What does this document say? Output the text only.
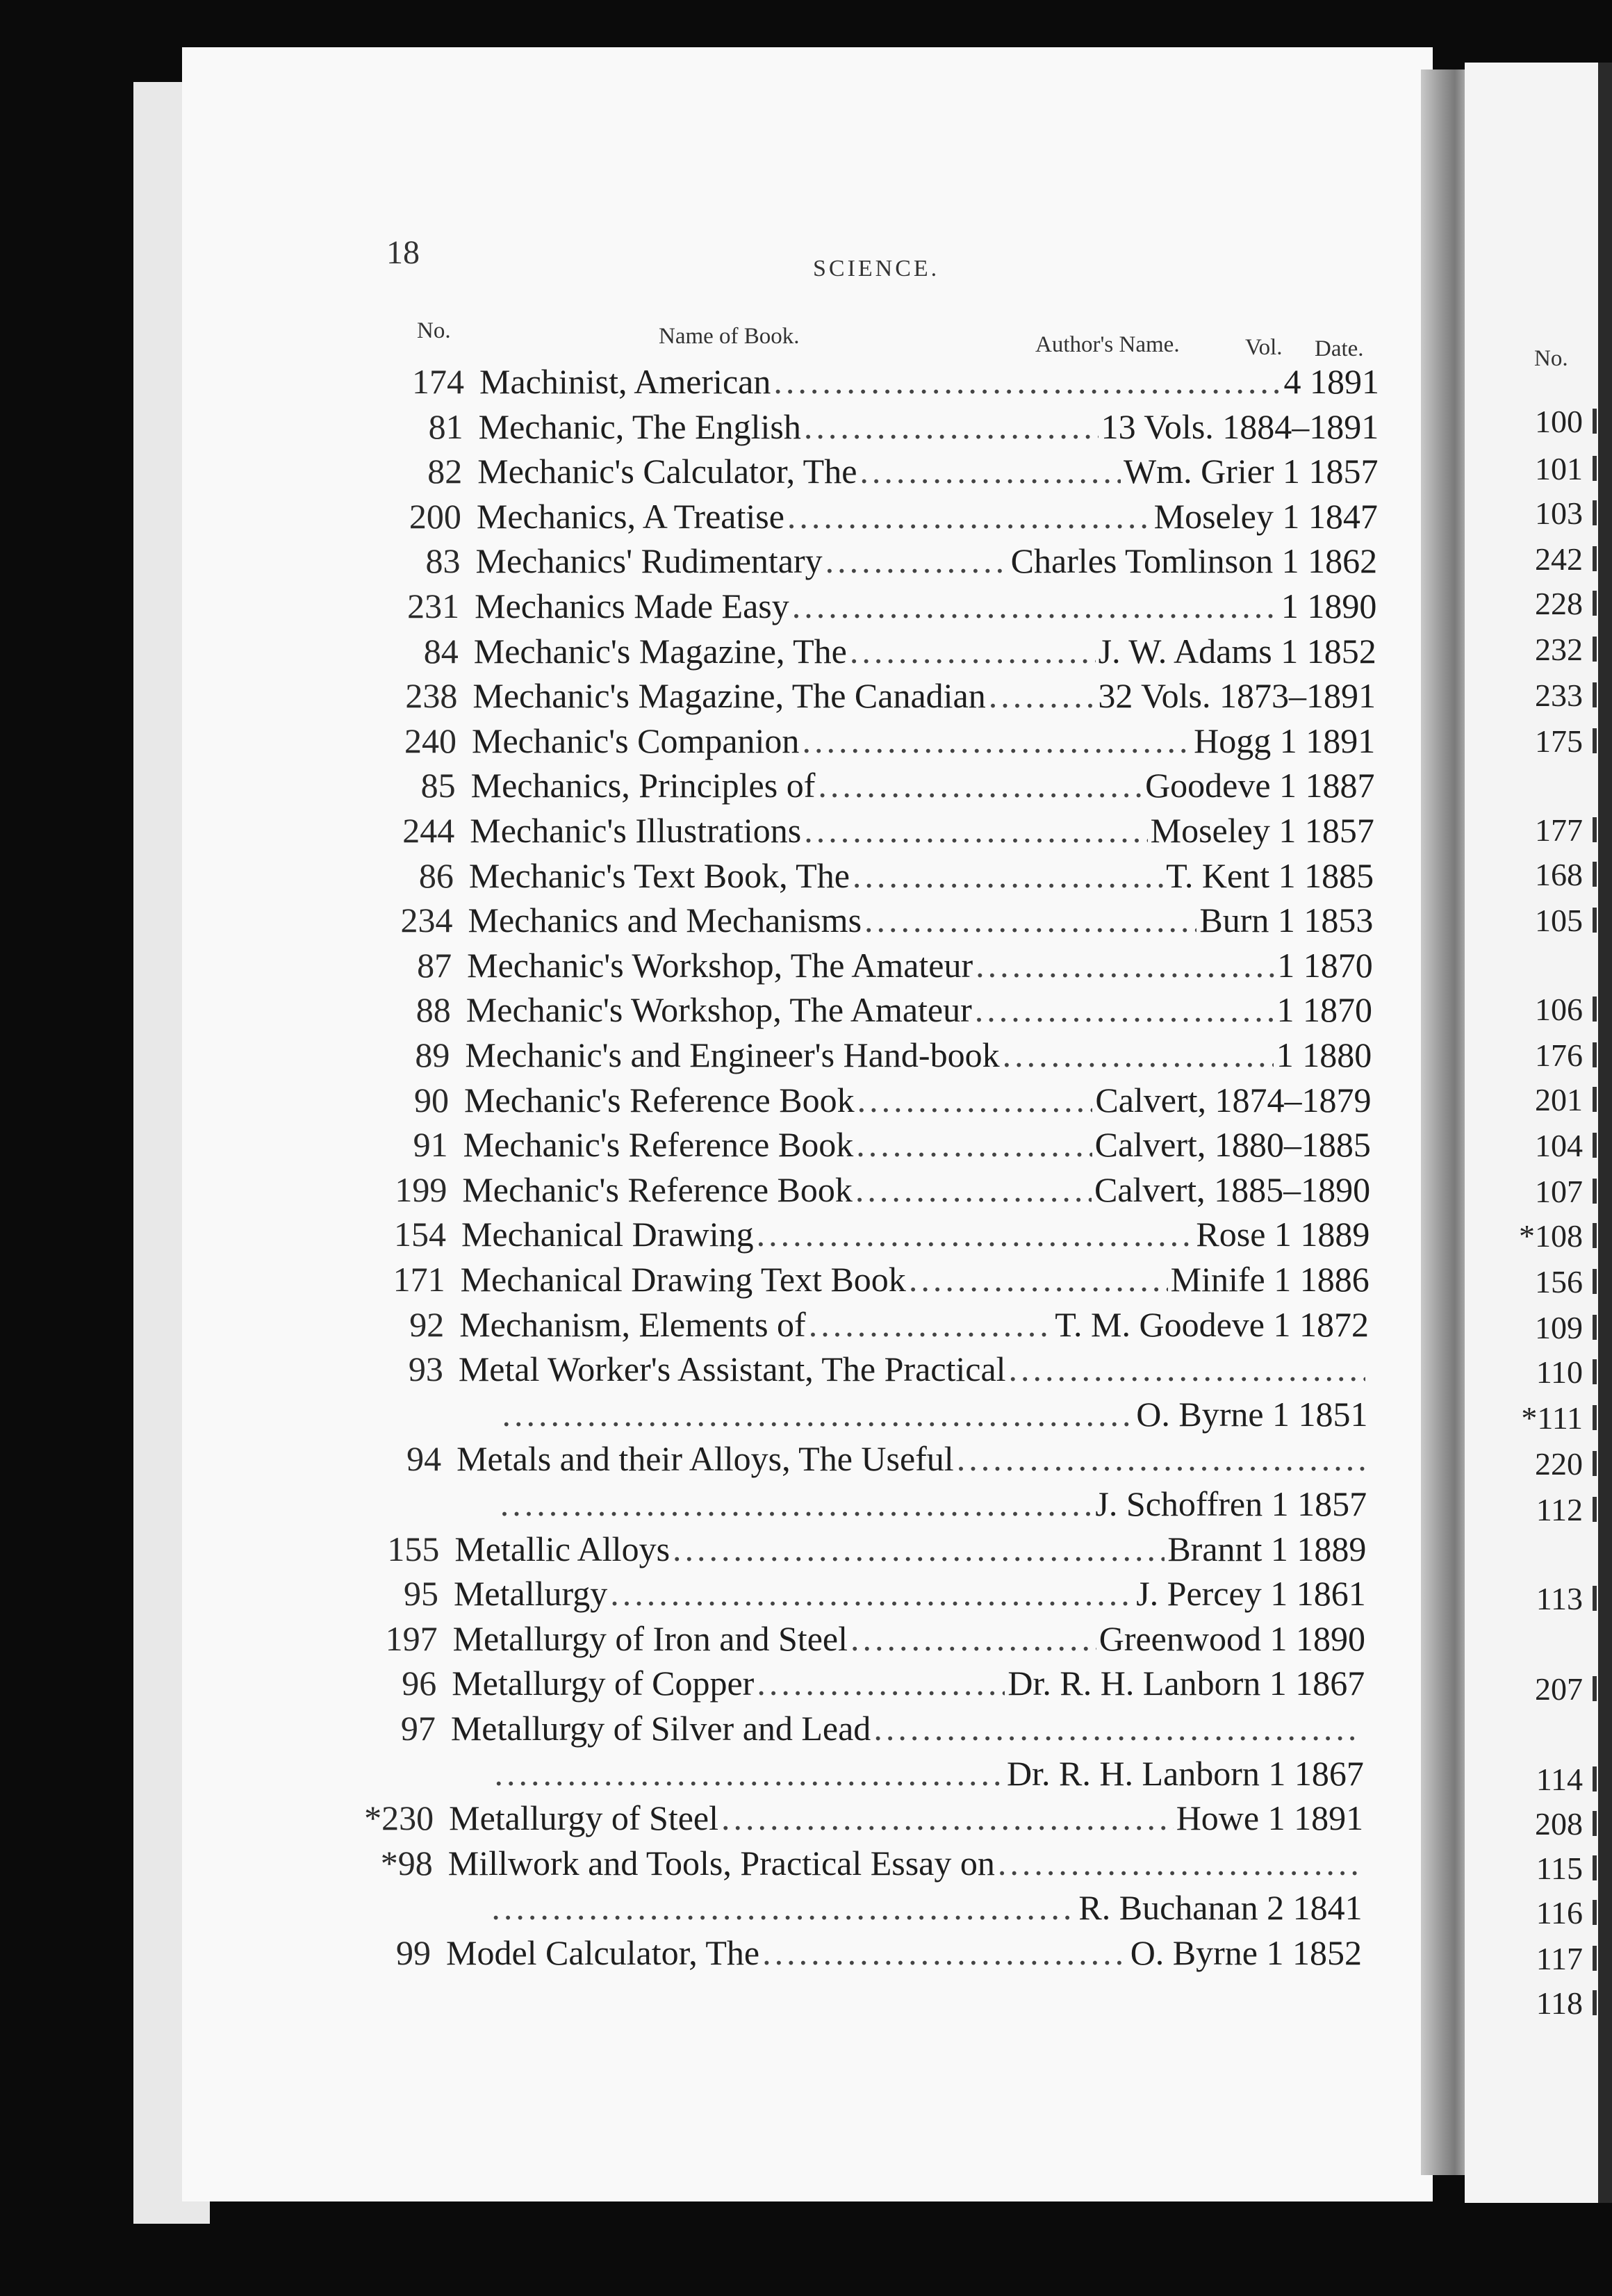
18	SCIENCE.
No.	Name of Book.	Author's Name.	Vol. Date.
174 Machinist, American .....	4 1891
81 Mechanic, The English .....	13 Vols. 1884–1891
82 Mechanic's Calculator, The .....	Wm. Grier 1 1857
200 Mechanics, A Treatise .....	Moseley 1 1847
83 Mechanics' Rudimentary .....	Charles Tomlinson 1 1862
231 Mechanics Made Easy .....	1 1890
84 Mechanic's Magazine, The .....	J. W. Adams 1 1852
238 Mechanic's Magazine, The Canadian .....	32 Vols. 1873–1891
240 Mechanic's Companion .....	Hogg 1 1891
85 Mechanics, Principles of .....	Goodeve 1 1887
244 Mechanic's Illustrations .....	Moseley 1 1857
86 Mechanic's Text Book, The .....	T. Kent 1 1885
234 Mechanics and Mechanisms .....	Burn 1 1853
87 Mechanic's Workshop, The Amateur .....	1 1870
88 Mechanic's Workshop, The Amateur .....	1 1870
89 Mechanic's and Engineer's Hand-book .....	1 1880
90 Mechanic's Reference Book .....	Calvert, 1874–1879
91 Mechanic's Reference Book .....	Calvert, 1880–1885
199 Mechanic's Reference Book .....	Calvert, 1885–1890
154 Mechanical Drawing .....	Rose 1 1889
171 Mechanical Drawing Text Book .....	Minife 1 1886
92 Mechanism, Elements of .....	T. M. Goodeve 1 1872
93 Metal Worker's Assistant, The Practical
.....
.....
O. Byrne 1 1851
94 Metals and their Alloys, The Useful
.....
.....
J. Schoffren 1 1857
155 Metallic Alloys .....	Brannt 1 1889
95 Metallurgy .....	J. Percey 1 1861
197 Metallurgy of Iron and Steel .....	Greenwood 1 1890
96 Metallurgy of Copper .....	Dr. R. H. Lanborn 1 1867
97 Metallurgy of Silver and Lead
.....
.....
Dr. R. H. Lanborn 1 1867
*230 Metallurgy of Steel .....	Howe 1 1891
*98 Millwork and Tools, Practical Essay on
.....
.....
R. Buchanan 2 1841
99 Model Calculator, The .....	O. Byrne 1 1852
No.
100
101
103
242
228
232
233
175
177
168
105
106
176
201
104
107
*108
156
109
110
*111
220
112
113
207
114
208
115
116
117
118
